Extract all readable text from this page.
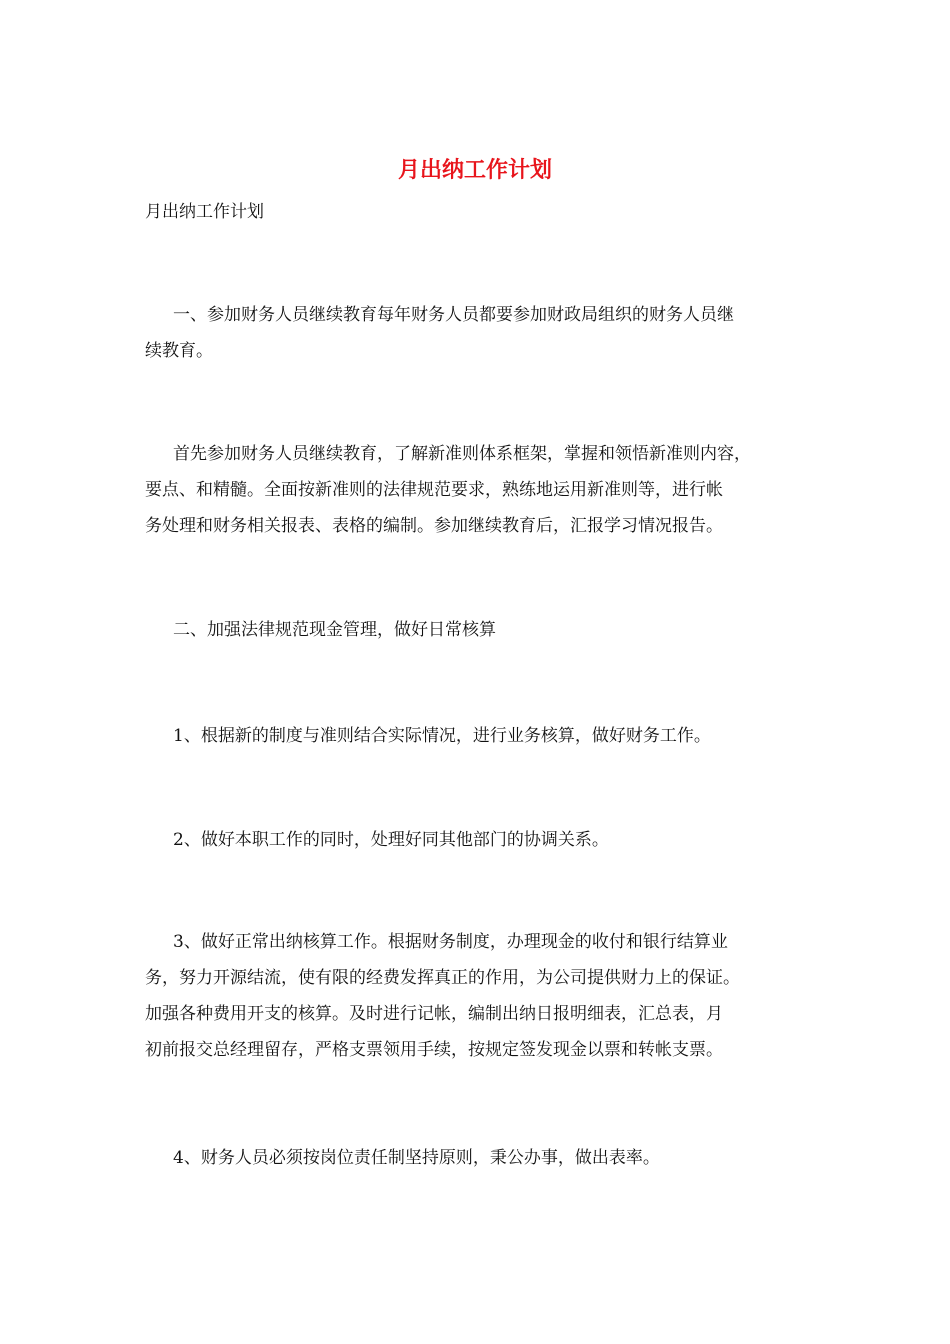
月出纳工作计划
月出纳工作计划
一、参加财务人员继续教育每年财务人员都要参加财政局组织的财务人员继
续教育。
首先参加财务人员继续教育，了解新准则体系框架，掌握和领悟新准则内容，
要点、和精髓。全面按新准则的法律规范要求，熟练地运用新准则等，进行帐
务处理和财务相关报表、表格的编制。参加继续教育后，汇报学习情况报告。
二、加强法律规范现金管理，做好日常核算
1、根据新的制度与准则结合实际情况，进行业务核算，做好财务工作。
2、做好本职工作的同时，处理好同其他部门的协调关系。
3、做好正常出纳核算工作。根据财务制度，办理现金的收付和银行结算业
务，努力开源结流，使有限的经费发挥真正的作用，为公司提供财力上的保证。
加强各种费用开支的核算。及时进行记帐，编制出纳日报明细表，汇总表，月
初前报交总经理留存，严格支票领用手续，按规定签发现金以票和转帐支票。
4、财务人员必须按岗位责任制坚持原则，秉公办事，做出表率。
